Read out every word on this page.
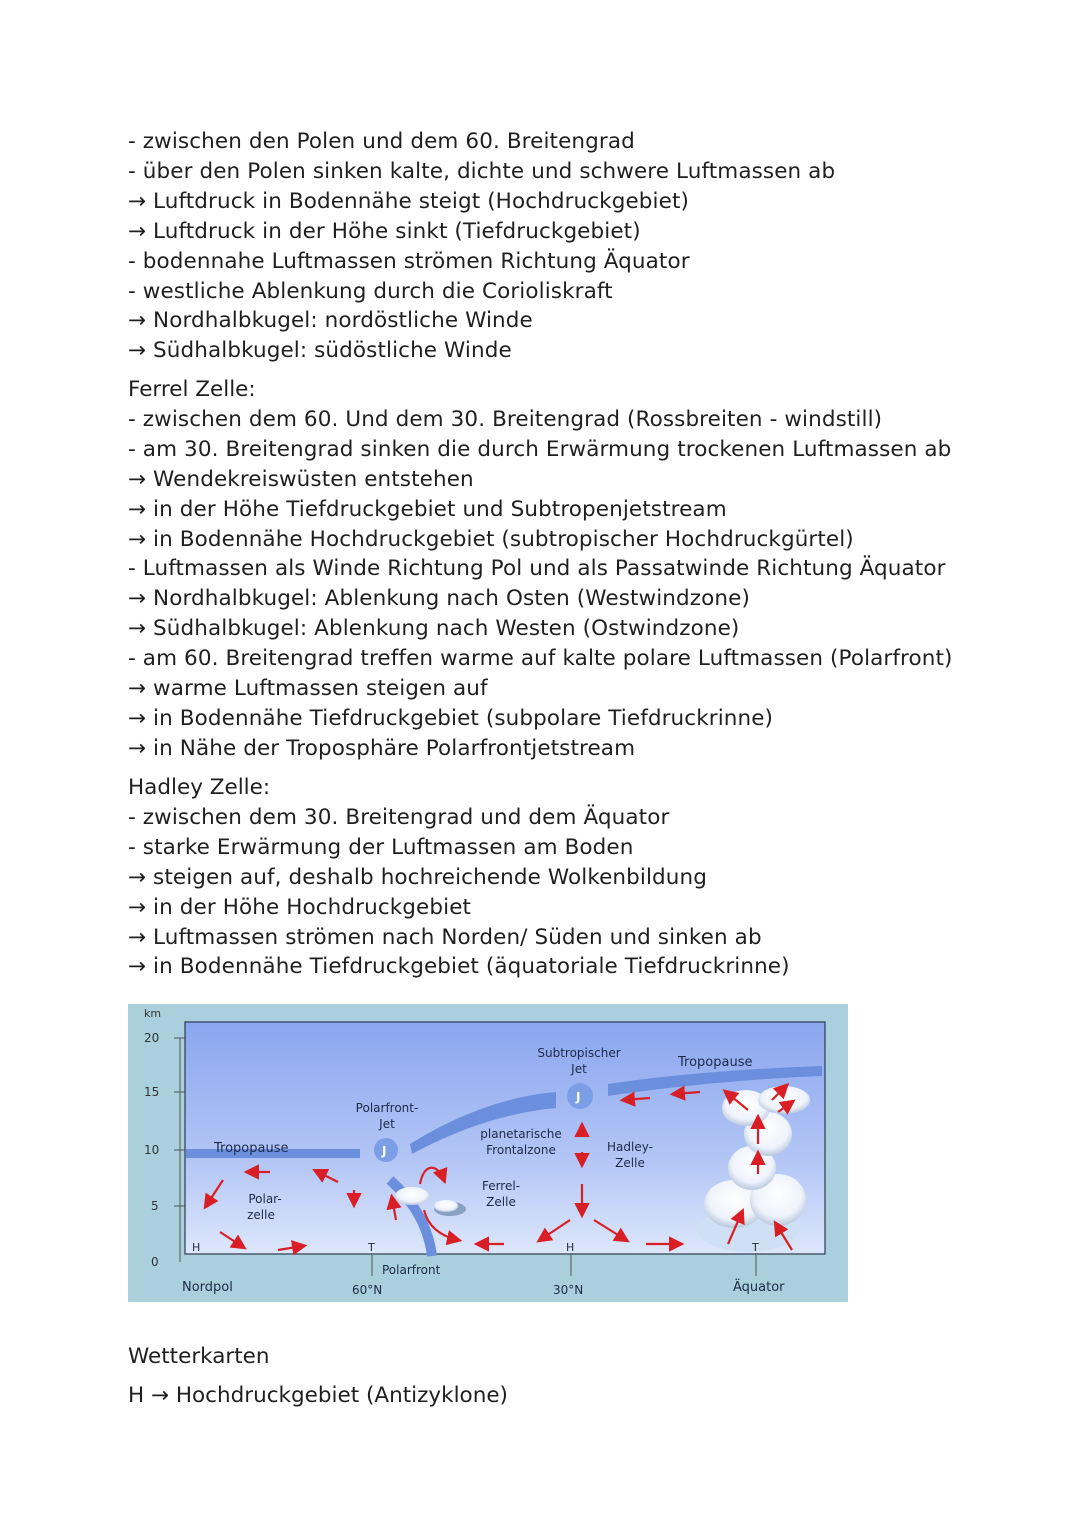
- zwischen den Polen und dem 60. Breitengrad
- über den Polen sinken kalte, dichte und schwere Luftmassen ab
→ Luftdruck in Bodennähe steigt (Hochdruckgebiet)
→ Luftdruck in der Höhe sinkt (Tiefdruckgebiet)
- bodennahe Luftmassen strömen Richtung Äquator
- westliche Ablenkung durch die Corioliskraft
→ Nordhalbkugel: nordöstliche Winde
→ Südhalbkugel: südöstliche Winde
Ferrel Zelle:
- zwischen dem 60. Und dem 30. Breitengrad (Rossbreiten - windstill)
- am 30. Breitengrad sinken die durch Erwärmung trockenen Luftmassen ab
→ Wendekreiswüsten entstehen
→ in der Höhe Tiefdruckgebiet und Subtropenjetstream
→ in Bodennähe Hochdruckgebiet (subtropischer Hochdruckgürtel)
- Luftmassen als Winde Richtung Pol und als Passatwinde Richtung Äquator
→ Nordhalbkugel: Ablenkung nach Osten (Westwindzone)
→ Südhalbkugel: Ablenkung nach Westen (Ostwindzone)
- am 60. Breitengrad treffen warme auf kalte polare Luftmassen (Polarfront)
→ warme Luftmassen steigen auf
→ in Bodennähe Tiefdruckgebiet (subpolare Tiefdruckrinne)
→ in Nähe der Troposphäre Polarfrontjetstream
Hadley Zelle:
- zwischen dem 30. Breitengrad und dem Äquator
- starke Erwärmung der Luftmassen am Boden
→ steigen auf, deshalb hochreichende Wolkenbildung
→ in der Höhe Hochdruckgebiet
→ Luftmassen strömen nach Norden/ Süden und sinken ab
→ in Bodennähe Tiefdruckgebiet (äquatoriale Tiefdruckrinne)
km
20
15
10
5
0
J
J
Tropopause
Tropopause
Polarfront-
Jet
Subtropischer
Jet
planetarische
Frontalzone	Hadley-
Zelle
Ferrel-
Zelle
Polar-
zelle
H	T	H	T
Polarfront
Nordpol	60°N	30°N	Äquator
Wetterkarten
H → Hochdruckgebiet (Antizyklone)
